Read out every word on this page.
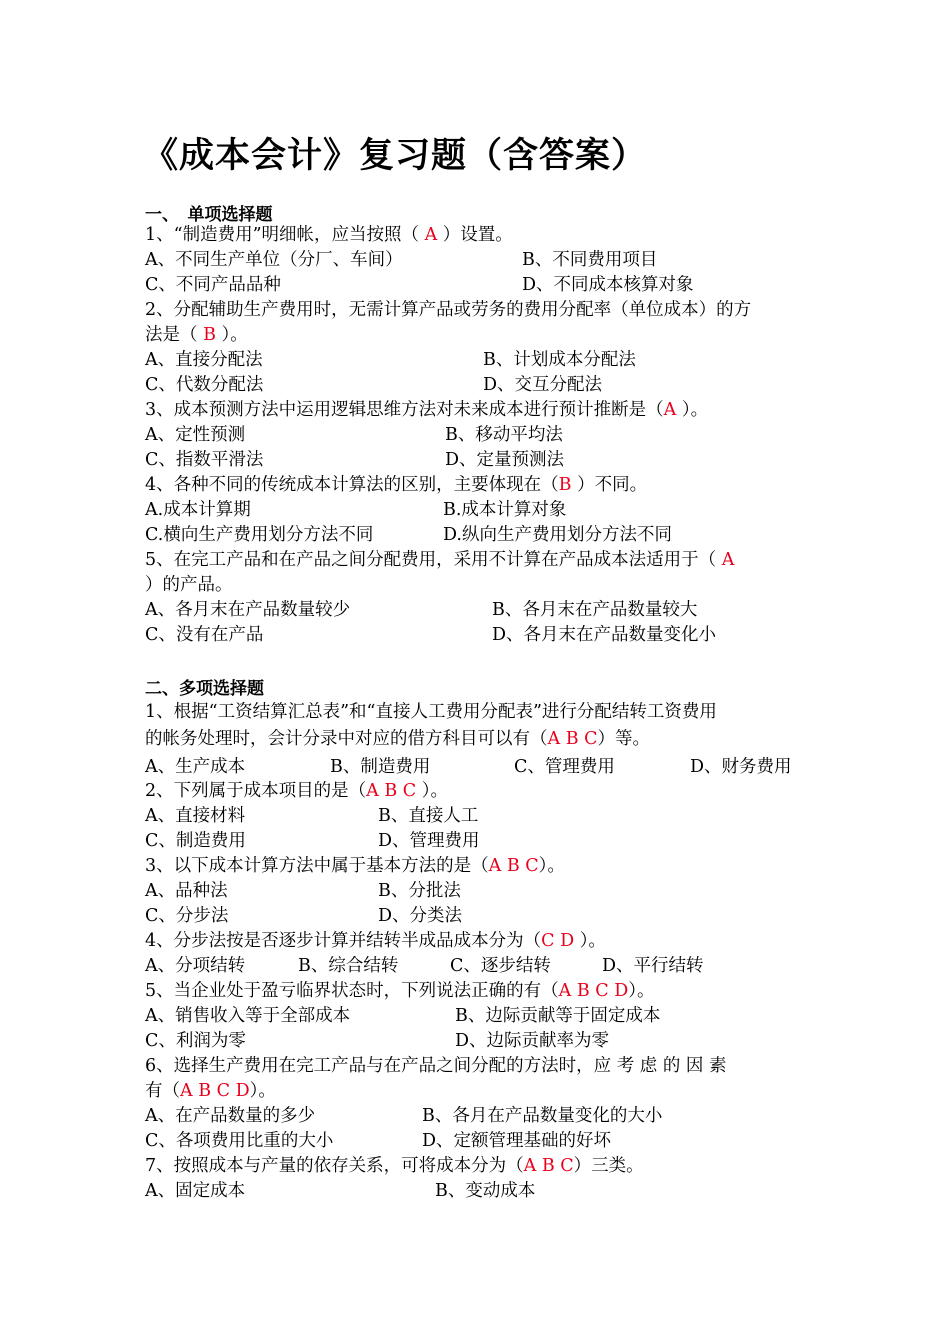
《成本会计》复习题（含答案）
一、　单项选择题
1、“制造费用”明细帐，应当按照（ A ）设置。
A、不同生产单位（分厂、车间）	B、不同费用项目
C、不同产品品种	D、不同成本核算对象
2、分配辅助生产费用时，无需计算产品或劳务的费用分配率（单位成本）的方
法是（ B ）。
A、直接分配法	B、计划成本分配法
C、代数分配法	D、交互分配法
3、成本预测方法中运用逻辑思维方法对未来成本进行预计推断是（A ）。
A、定性预测	B、移动平均法
C、指数平滑法	D、定量预测法
4、各种不同的传统成本计算法的区别，主要体现在（B ）不同。
A.成本计算期	B.成本计算对象
C.横向生产费用划分方法不同	D.纵向生产费用划分方法不同
5、在完工产品和在产品之间分配费用，采用不计算在产品成本法适用于（ A
）的产品。
A、各月末在产品数量较少	B、各月末在产品数量较大
C、没有在产品	D、各月末在产品数量变化小
二、多项选择题
1、根据“工资结算汇总表”和“直接人工费用分配表”进行分配结转工资费用
的帐务处理时，会计分录中对应的借方科目可以有（A B C）等。
A、生产成本	B、制造费用	C、管理费用	D、财务费用
2、下列属于成本项目的是（A B C ）。
A、直接材料	B、直接人工
C、制造费用	D、管理费用
3、以下成本计算方法中属于基本方法的是（A B C）。
A、品种法	B、分批法
C、分步法	D、分类法
4、分步法按是否逐步计算并结转半成品成本分为（C D ）。
A、分项结转	B、综合结转	C、逐步结转	D、平行结转
5、当企业处于盈亏临界状态时，下列说法正确的有（A B C D）。
A、销售收入等于全部成本	B、边际贡献等于固定成本
C、利润为零	D、边际贡献率为零
6、选择生产费用在完工产品与在产品之间分配的方法时，应 考 虑 的 因 素
有（A B C D）。
A、在产品数量的多少	B、各月在产品数量变化的大小
C、各项费用比重的大小	D、定额管理基础的好坏
7、按照成本与产量的依存关系，可将成本分为（A B C）三类。
A、固定成本	B、变动成本
